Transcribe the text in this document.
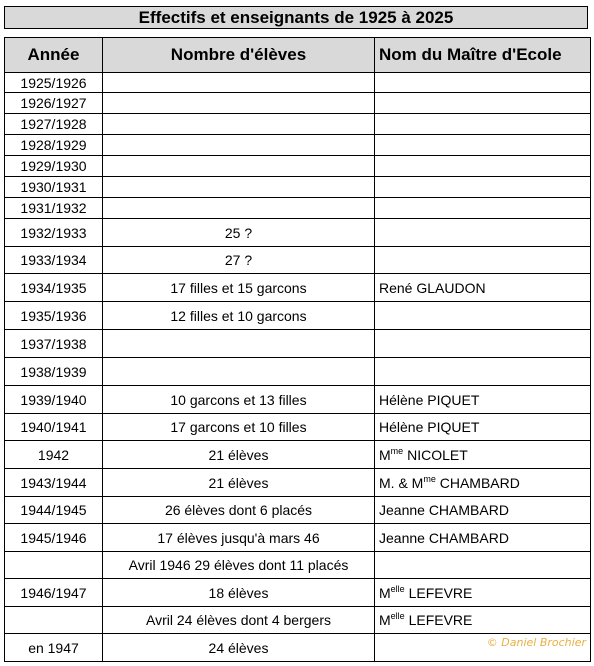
Effectifs et enseignants de 1925 à 2025
Année	Nombre d'élèves	Nom du Maître d'Ecole
1925/1926		
1926/1927		
1927/1928		
1928/1929		
1929/1930		
1930/1931		
1931/1932		
1932/1933	25 ?	
1933/1934	27 ?	
1934/1935	17 filles et 15 garcons	René GLAUDON
1935/1936	12 filles et 10 garcons	
1937/1938		
1938/1939		
1939/1940	10 garcons et 13 filles	Hélène PIQUET
1940/1941	17 garcons et 10 filles	Hélène PIQUET
1942	21 élèves	$M^{me}$ NICOLET
1943/1944	21 élèves	M. & $M^{me}$ CHAMBARD
1944/1945	26 élèves dont 6 placés	Jeanne CHAMBARD
1945/1946	17 élèves jusqu'à mars 46	Jeanne CHAMBARD
	Avril 1946 29 élèves dont 11 placés	
1946/1947	18 élèves	$M^{elle}$ LEFEVRE
	Avril 24 élèves dont 4 bergers	$M^{elle}$ LEFEVRE
en 1947	24 élèves		© Daniel Brochier
